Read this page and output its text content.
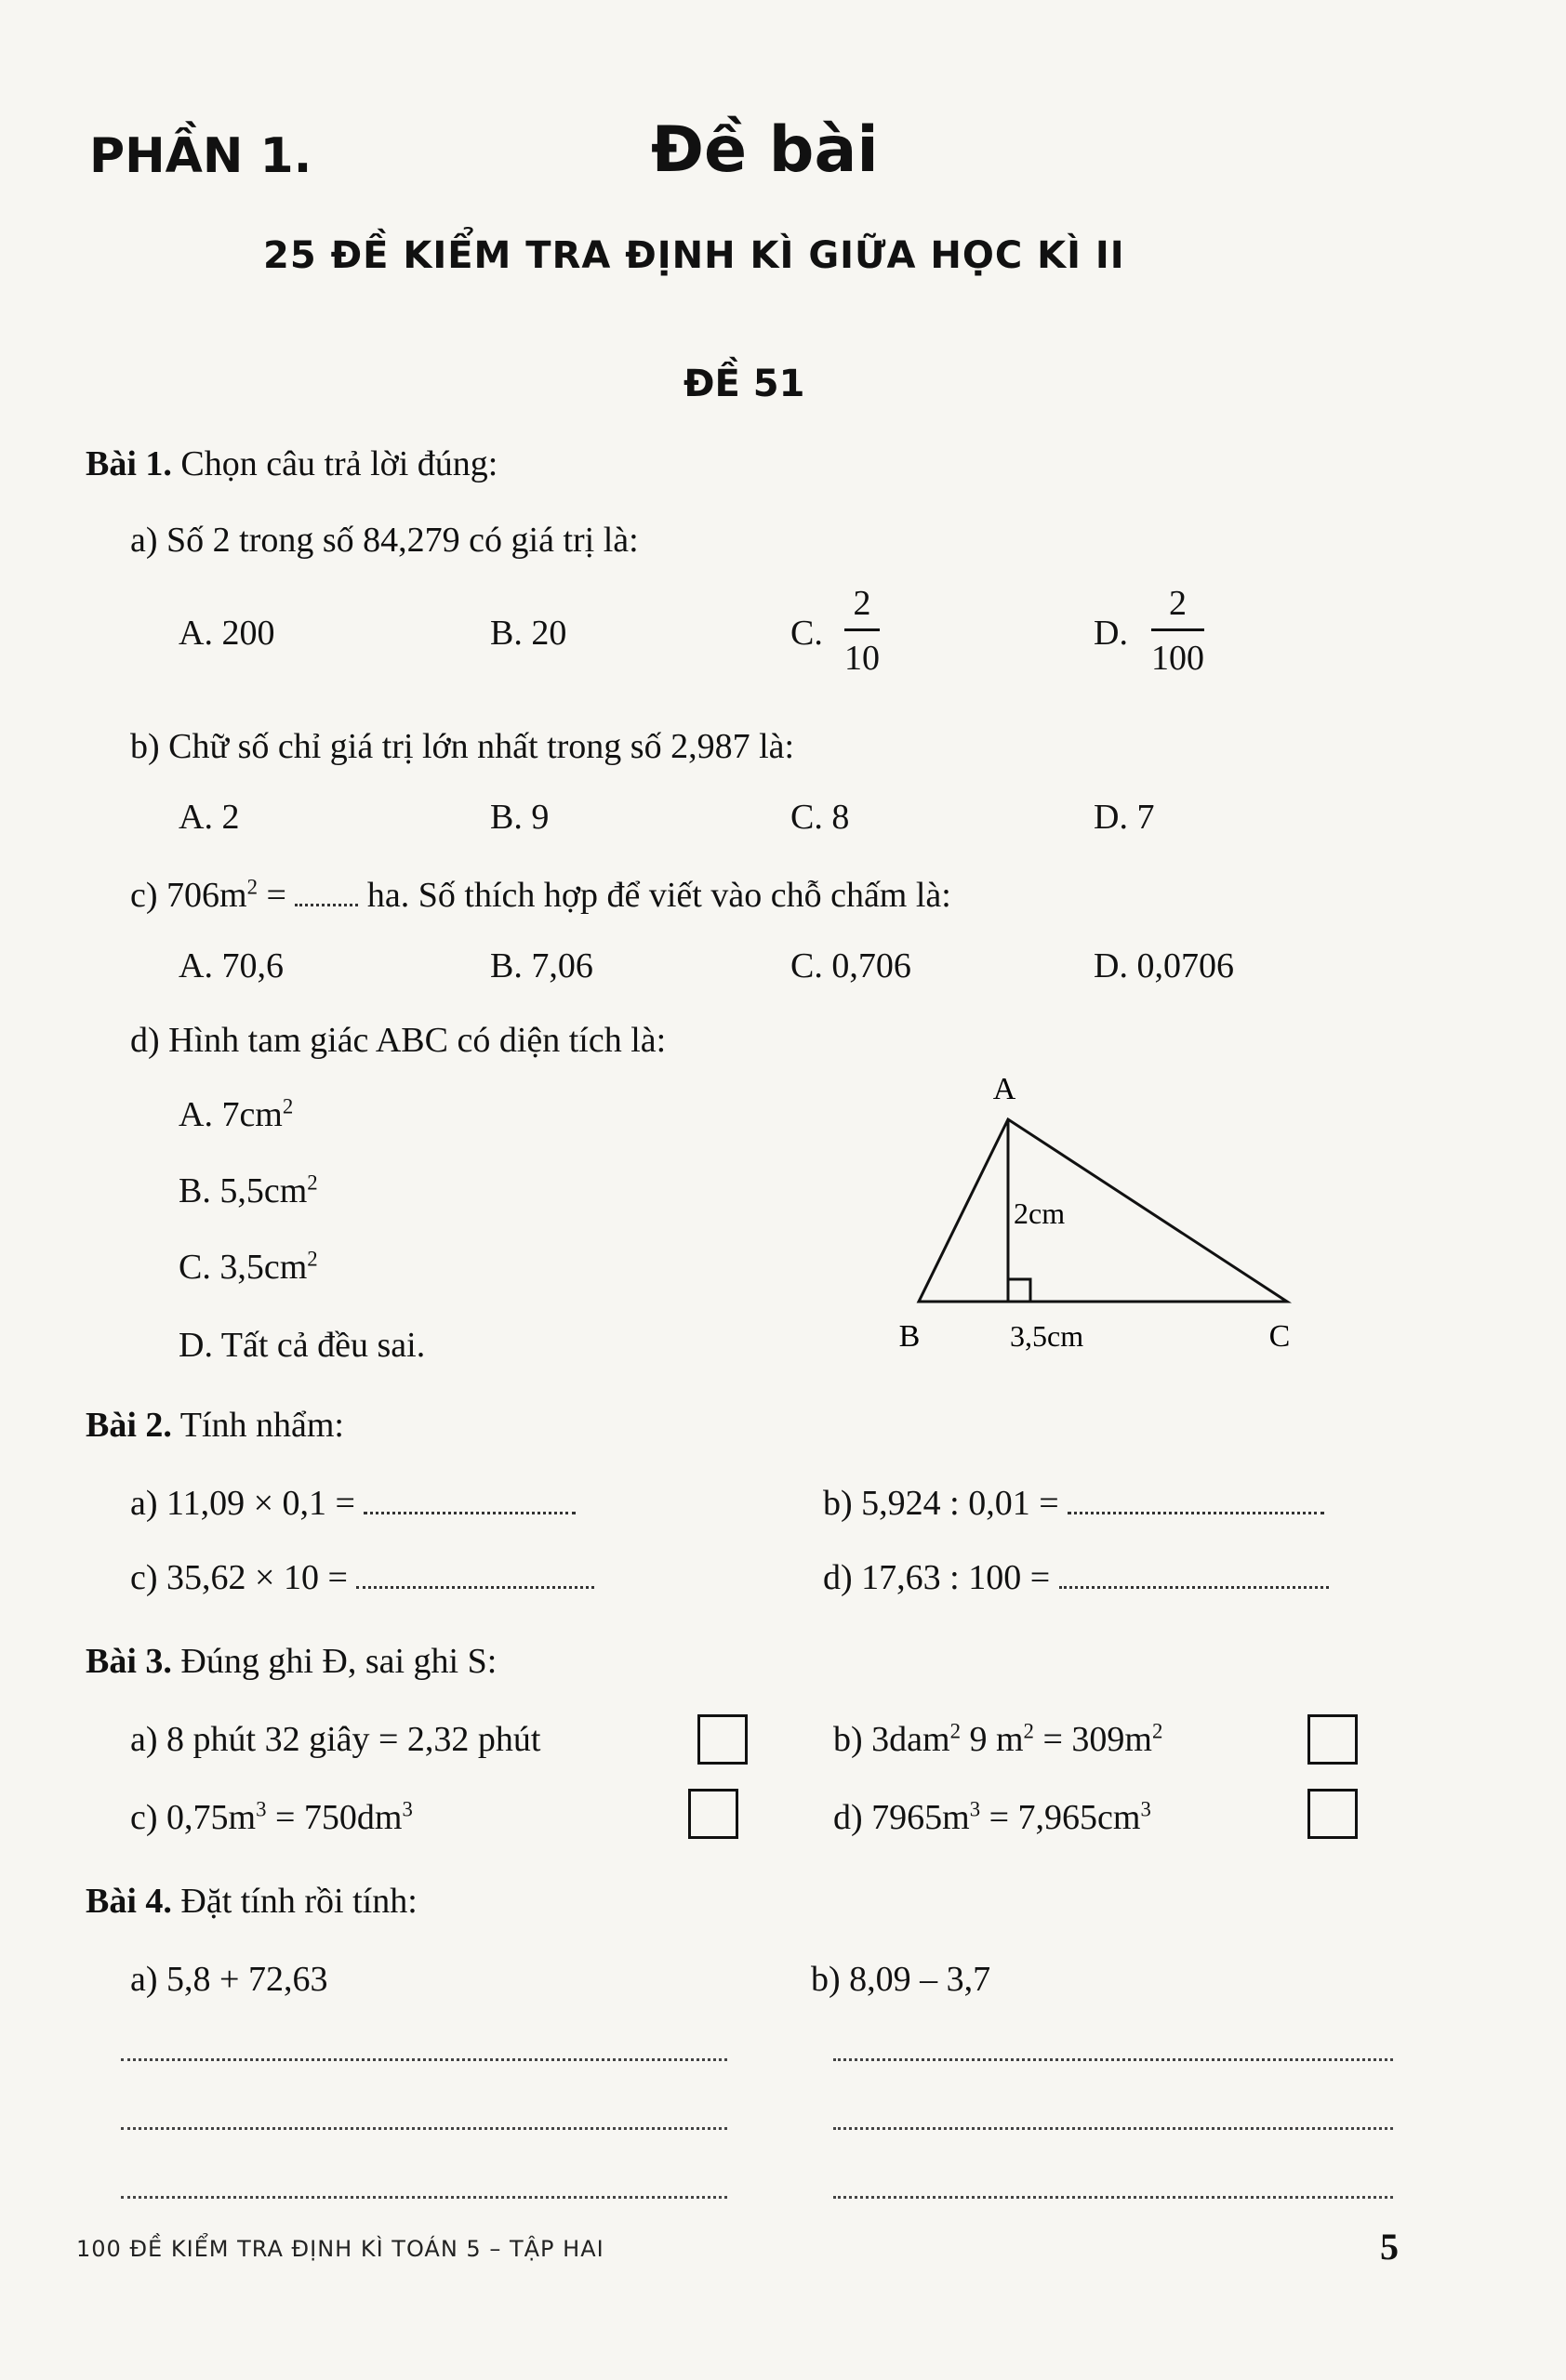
PHẦN 1.	Đề bài
25 ĐỀ KIỂM TRA ĐỊNH KÌ GIỮA HỌC KÌ II
ĐỀ 51
Bài 1. Chọn câu trả lời đúng:
a) Số 2 trong số 84,279 có giá trị là:
A. 200	B. 20	C. $\frac{2}{10}$	D. $\frac{2}{100}$
b) Chữ số chỉ giá trị lớn nhất trong số 2,987 là:
A. 2	B. 9	C. 8	D. 7
c) $706m^2$ =  ha. Số thích hợp để viết vào chỗ chấm là:
A. 70,6	B. 7,06	C. 0,706	D. 0,0706
d) Hình tam giác ABC có diện tích là:
A. $7cm^2$
B. $5,5cm^2$
C. $3,5cm^2$
D. Tất cả đều sai.
A
B	C
2cm
3,5cm
Bài 2. Tính nhẩm:
a) 11,09 × 0,1 =	b) 5,924 : 0,01 =
c) 35,62 × 10 =	d) 17,63 : 100 =
Bài 3. Đúng ghi Đ, sai ghi S:
a) 8 phút 32 giây = 2,32 phút	b) 3dam$^2$ 9 $m^2 = 309m^2$
c) $0,75m^3 = 750dm^3$	d) $7965m^3 = 7,965cm^3$
Bài 4. Đặt tính rồi tính:
a) 5,8 + 72,63	b) 8,09 – 3,7
100 ĐỀ KIỂM TRA ĐỊNH KÌ TOÁN 5 – TẬP HAI	5
